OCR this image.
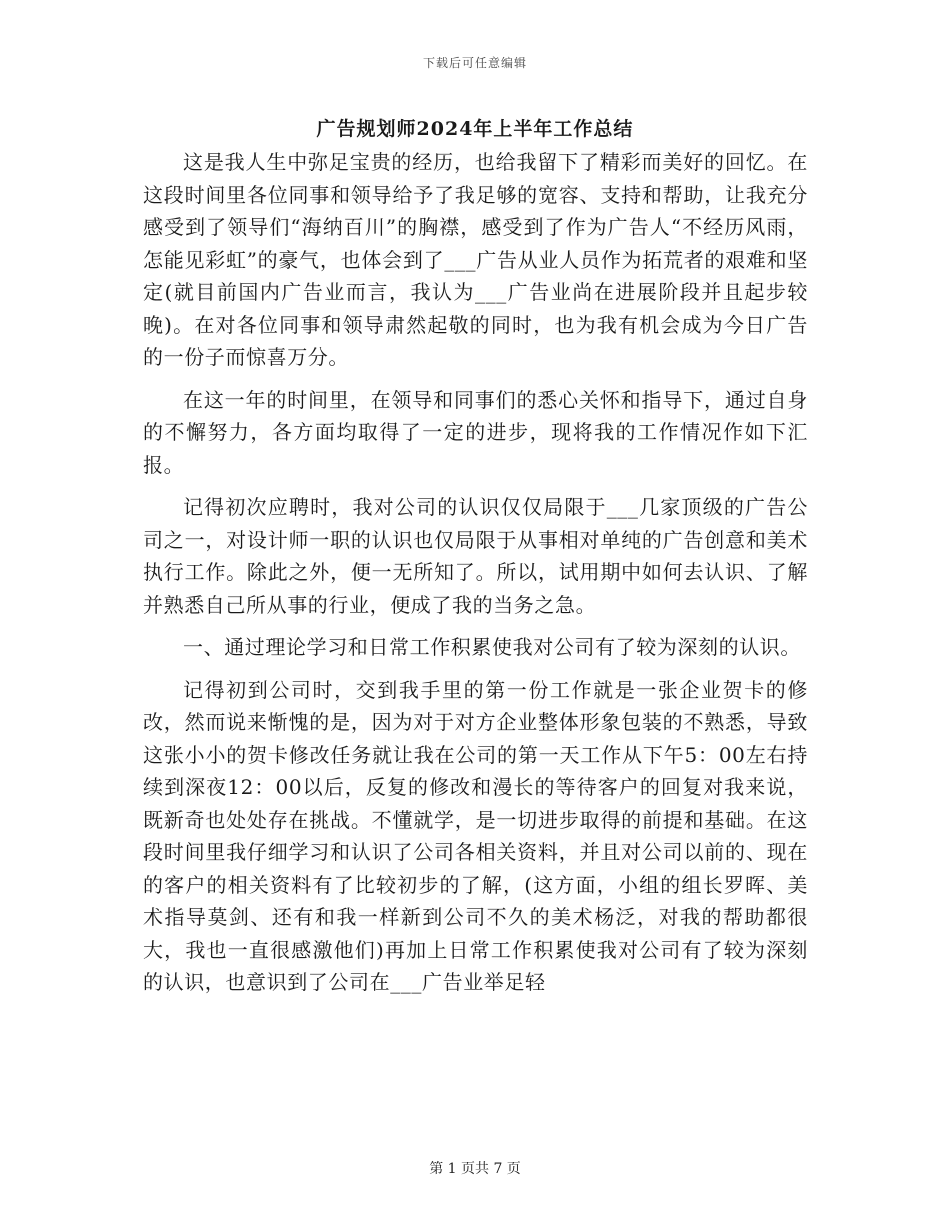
下载后可任意编辑
广告规划师2024年上半年工作总结

这是我人生中弥足宝贵的经历，也给我留下了精彩而美好的回忆。在这段时间里各位同事和领导给予了我足够的宽容、支持和帮助，让我充分感受到了领导们“海纳百川”的胸襟，感受到了作为广告人“不经历风雨，怎能见彩虹”的豪气，也体会到了___广告从业人员作为拓荒者的艰难和坚定(就目前国内广告业而言，我认为___广告业尚在进展阶段并且起步较晚)。在对各位同事和领导肃然起敬的同时，也为我有机会成为今日广告的一份子而惊喜万分。

在这一年的时间里，在领导和同事们的悉心关怀和指导下，通过自身的不懈努力，各方面均取得了一定的进步，现将我的工作情况作如下汇报。

记得初次应聘时，我对公司的认识仅仅局限于___几家顶级的广告公司之一，对设计师一职的认识也仅局限于从事相对单纯的广告创意和美术执行工作。除此之外，便一无所知了。所以，试用期中如何去认识、了解并熟悉自己所从事的行业，便成了我的当务之急。

一、通过理论学习和日常工作积累使我对公司有了较为深刻的认识。

记得初到公司时，交到我手里的第一份工作就是一张企业贺卡的修改，然而说来惭愧的是，因为对于对方企业整体形象包装的不熟悉，导致这张小小的贺卡修改任务就让我在公司的第一天工作从下午5：00左右持续到深夜12：00以后，反复的修改和漫长的等待客户的回复对我来说，既新奇也处处存在挑战。不懂就学，是一切进步取得的前提和基础。在这段时间里我仔细学习和认识了公司各相关资料，并且对公司以前的、现在的客户的相关资料有了比较初步的了解，(这方面，小组的组长罗晖、美术指导莫剑、还有和我一样新到公司不久的美术杨泛，对我的帮助都很大，我也一直很感激他们)再加上日常工作积累使我对公司有了较为深刻的认识，也意识到了公司在___广告业举足轻

第 1 页共 7 页
